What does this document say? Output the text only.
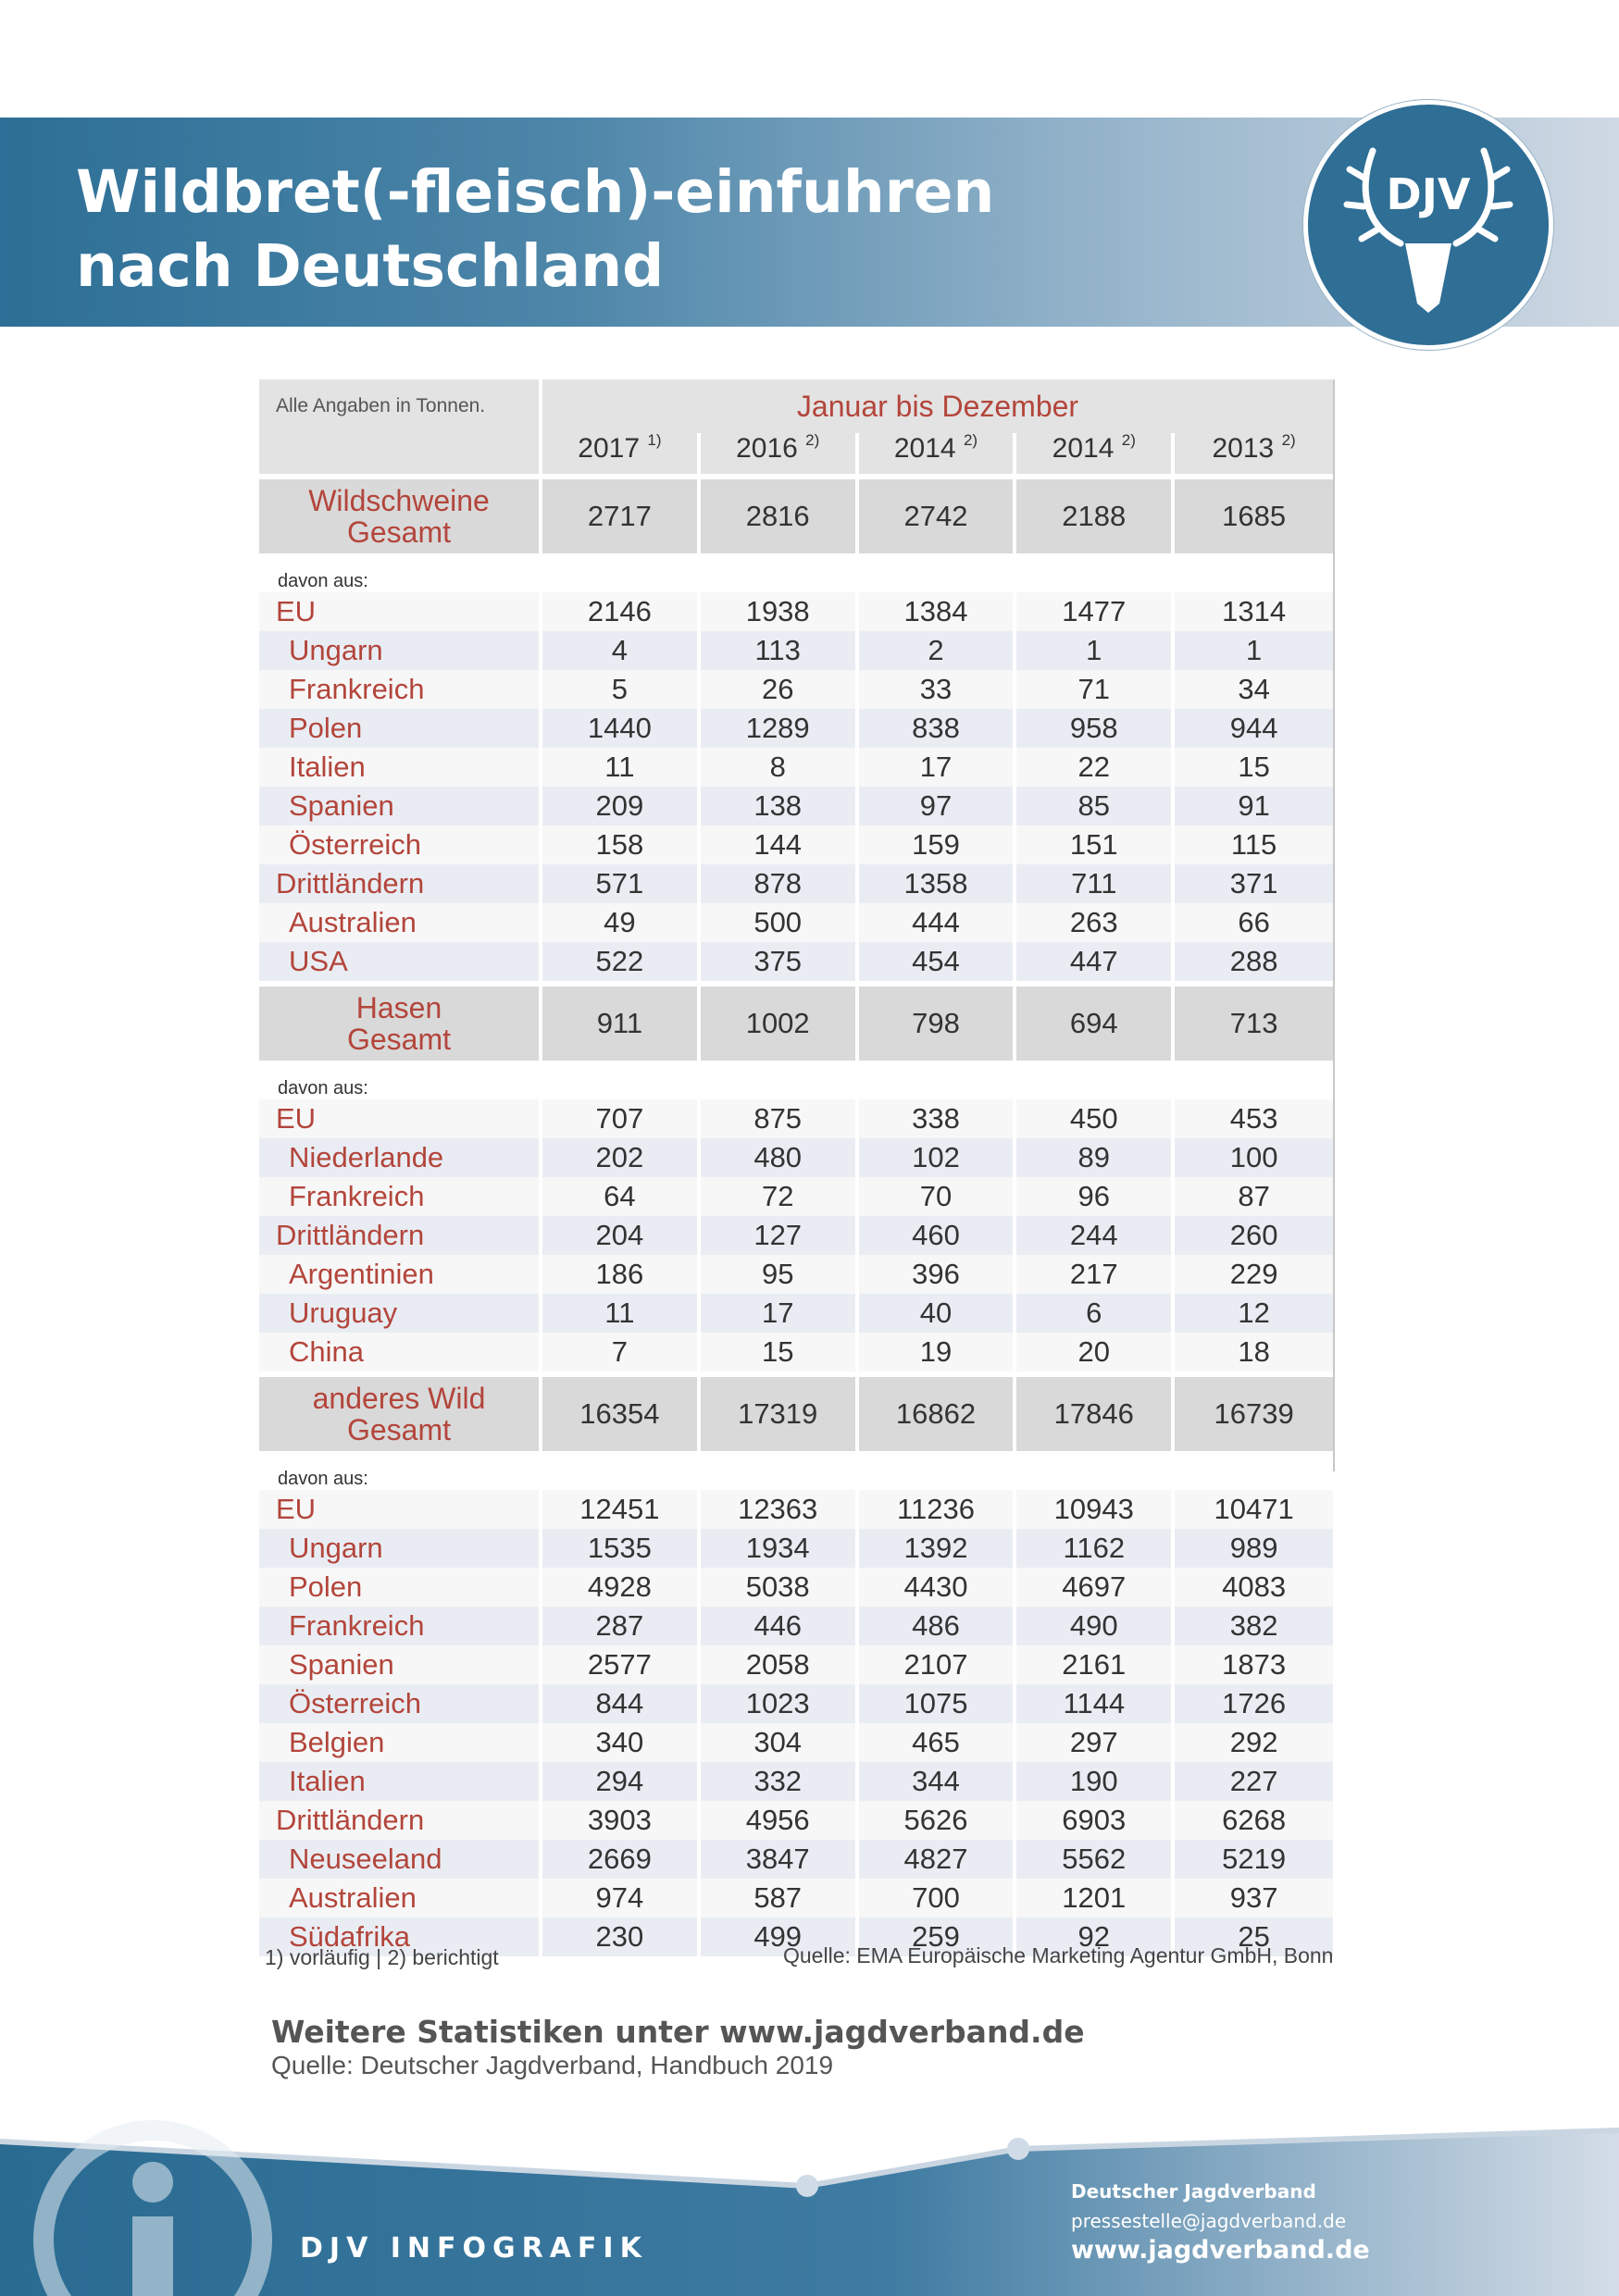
Wildbret(-fleisch)-einfuhren
nach Deutschland
DJV
Alle Angaben in Tonnen.	Januar bis Dezember				
	2017 $^{1)}$	2016 $^{2)}$	2014 $^{2)}$	2014 $^{2)}$	2013 $^{2)}$

Wildschweine
Gesamt	2717	2816	2742	2188	1685
davon aus:					
EU	2146	1938	1384	1477	1314
Ungarn	4	113	2	1	1
Frankreich	5	26	33	71	34
Polen	1440	1289	838	958	944
Italien	11	8	17	22	15
Spanien	209	138	97	85	91
Österreich	158	144	159	151	115
Drittländern	571	878	1358	711	371
Australien	49	500	444	263	66
USA	522	375	454	447	288

Hasen
Gesamt	911	1002	798	694	713
davon aus:					
EU	707	875	338	450	453
Niederlande	202	480	102	89	100
Frankreich	64	72	70	96	87
Drittländern	204	127	460	244	260
Argentinien	186	95	396	217	229
Uruguay	11	17	40	6	12
China	7	15	19	20	18

anderes Wild
Gesamt	16354	17319	16862	17846	16739
davon aus:					
EU	12451	12363	11236	10943	10471
Ungarn	1535	1934	1392	1162	989
Polen	4928	5038	4430	4697	4083
Frankreich	287	446	486	490	382
Spanien	2577	2058	2107	2161	1873
Österreich	844	1023	1075	1144	1726
Belgien	340	304	465	297	292
Italien	294	332	344	190	227
Drittländern	3903	4956	5626	6903	6268
Neuseeland	2669	3847	4827	5562	5219
Australien	974	587	700	1201	937
Südafrika	230	499	259	92	25
1) vorläufig | 2) berichtigt	Quelle: EMA Europäische Marketing Agentur GmbH, Bonn
Weitere Statistiken unter www.jagdverband.de
Quelle: Deutscher Jagdverband, Handbuch 2019
DJV INFOGRAFIK
Deutscher Jagdverband
pressestelle@jagdverband.de
www.jagdverband.de
